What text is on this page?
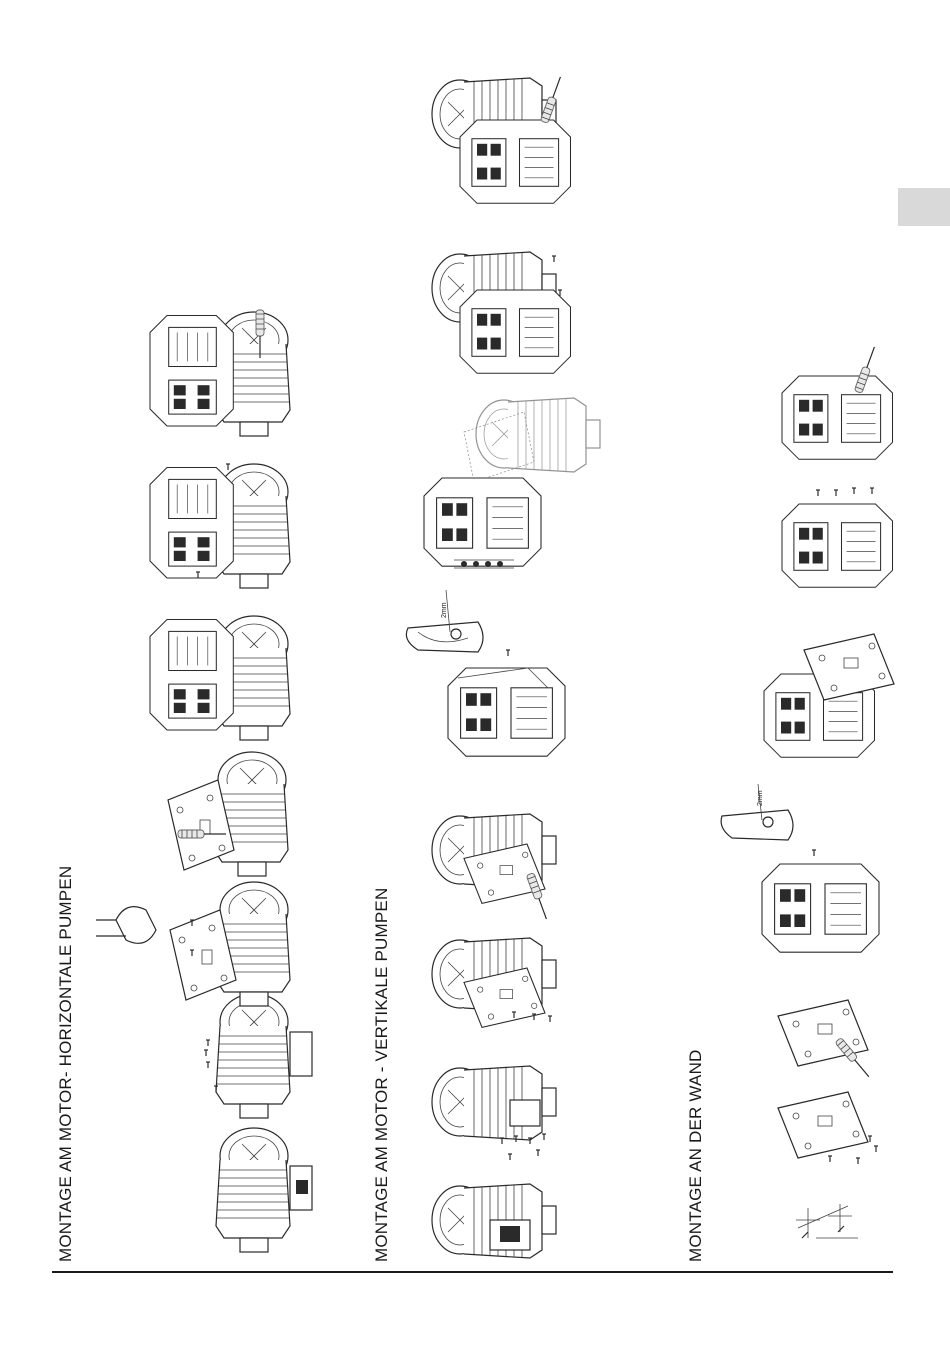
MONTAGE AM MOTOR- HORIZONTALE PUMPEN	MONTAGE AM MOTOR - VERTIKALE PUMPEN	MONTAGE AN DER WAND
2mm
2mm
